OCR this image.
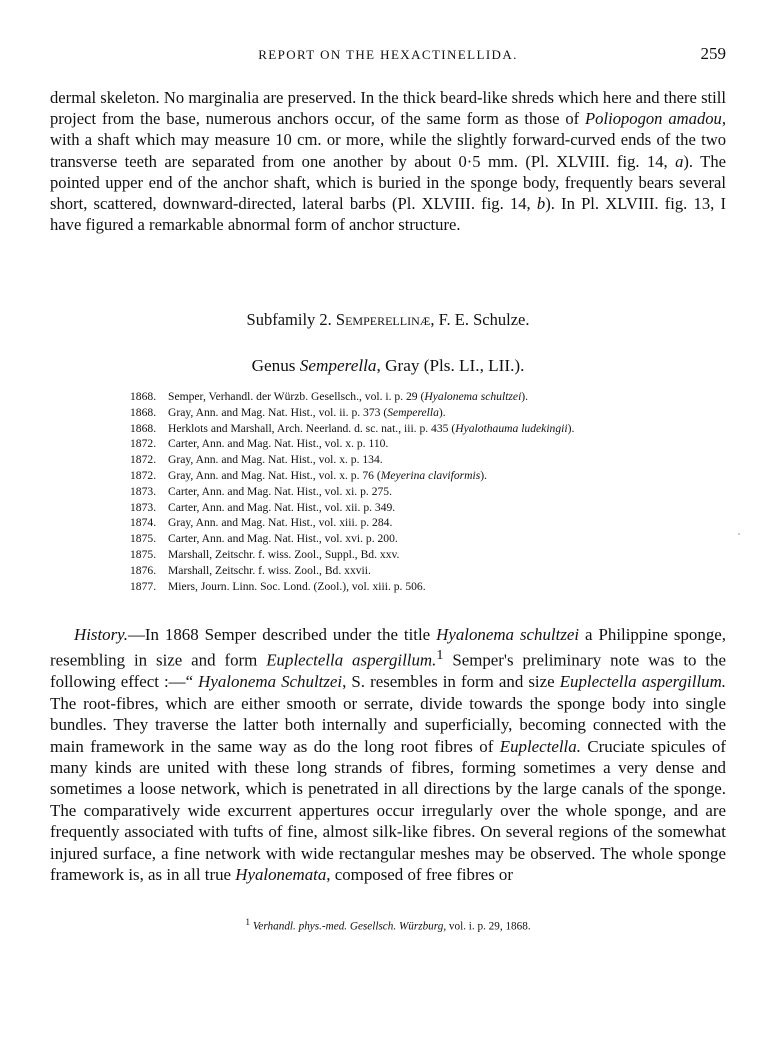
REPORT ON THE HEXACTINELLIDA.	259

dermal skeleton. No marginalia are preserved. In the thick beard-like shreds which here and there still project from the base, numerous anchors occur, of the same form as those of Poliopogon amadou, with a shaft which may measure 10 cm. or more, while the slightly forward-curved ends of the two transverse teeth are separated from one another by about 0·5 mm. (Pl. XLVIII. fig. 14, a). The pointed upper end of the anchor shaft, which is buried in the sponge body, frequently bears several short, scattered, downward-directed, lateral barbs (Pl. XLVIII. fig. 14, b). In Pl. XLVIII. fig. 13, I have figured a remarkable abnormal form of anchor structure.

Subfamily 2. Semperellinæ, F. E. Schulze.

Genus Semperella, Gray (Pls. LI., LII.).

1868. Semper, Verhandl. der Würzb. Gesellsch., vol. i. p. 29 (Hyalonema schultzei).
1868. Gray, Ann. and Mag. Nat. Hist., vol. ii. p. 373 (Semperella).
1868. Herklots and Marshall, Arch. Neerland. d. sc. nat., iii. p. 435 (Hyalothauma ludekingii).
1872. Carter, Ann. and Mag. Nat. Hist., vol. x. p. 110.
1872. Gray, Ann. and Mag. Nat. Hist., vol. x. p. 134.
1872. Gray, Ann. and Mag. Nat. Hist., vol. x. p. 76 (Meyerina claviformis).
1873. Carter, Ann. and Mag. Nat. Hist., vol. xi. p. 275.
1873. Carter, Ann. and Mag. Nat. Hist., vol. xii. p. 349.
1874. Gray, Ann. and Mag. Nat. Hist., vol. xiii. p. 284.
1875. Carter, Ann. and Mag. Nat. Hist., vol. xvi. p. 200.
1875. Marshall, Zeitschr. f. wiss. Zool., Suppl., Bd. xxv.
1876. Marshall, Zeitschr. f. wiss. Zool., Bd. xxvii.
1877. Miers, Journ. Linn. Soc. Lond. (Zool.), vol. xiii. p. 506.

History.—In 1868 Semper described under the title Hyalonema schultzei a Philippine sponge, resembling in size and form Euplectella aspergillum.$^1$ Semper's preliminary note was to the following effect :—“ Hyalonema Schultzei, S. resembles in form and size Euplectella aspergillum. The root-fibres, which are either smooth or serrate, divide towards the sponge body into single bundles. They traverse the latter both internally and superficially, becoming connected with the main framework in the same way as do the long root fibres of Euplectella. Cruciate spicules of many kinds are united with these long strands of fibres, forming sometimes a very dense and sometimes a loose network, which is penetrated in all directions by the large canals of the sponge. The comparatively wide excurrent appertures occur irregularly over the whole sponge, and are frequently associated with tufts of fine, almost silk-like fibres. On several regions of the somewhat injured surface, a fine network with wide rectangular meshes may be observed. The whole sponge framework is, as in all true Hyalonemata, composed of free fibres or

$^1$ Verhandl. phys.-med. Gesellsch. Würzburg, vol. i. p. 29, 1868.
